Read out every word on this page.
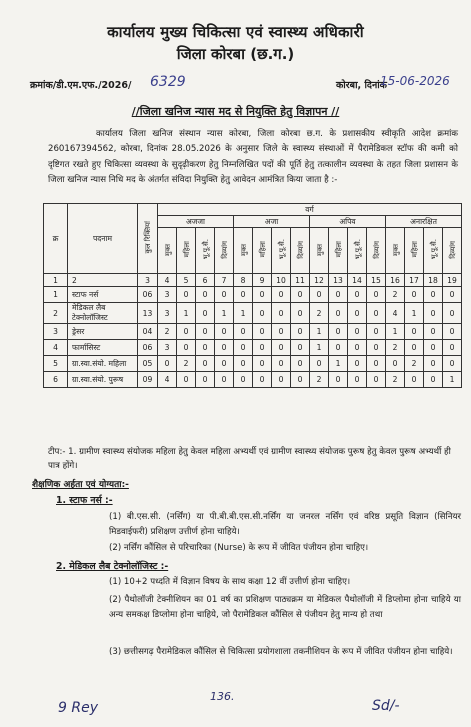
कार्यालय मुख्य चिकित्सा एवं स्वास्थ्य अधिकारी
जिला कोरबा (छ.ग.)
क्रमांक/डी.एम.एफ./2026/ 6329	कोरबा, दिनांक
15-06-2026
//जिला खनिज न्यास मद से नियुक्ति हेतु विज्ञापन //
कार्यालय जिला खनिज संस्थान न्यास कोरबा, जिला कोरबा छ.ग. के प्रशासकीय स्वीकृति आदेश क्रमांक 260167394562, कोरबा, दिनांक 28.05.2026 के अनुसार जिले के स्वास्थ्य संस्थाओं में पैरामेडिकल स्टॉफ की कमी को दृष्टिगत रखते हुए चिकित्सा व्यवस्था के सुदृढ़ीकरण हेतु निम्नलिखित पदों की पूर्ति हेतु तत्कालीन व्यवस्था के तहत जिला प्रशासन के जिला खनिज न्यास निधि मद के अंतर्गत संविदा नियुक्ति हेतु आवेदन आमंत्रित किया जाता है :-
क्र	पदनाम	कुल रिक्तियां	वर्ग															
			अजजा				अजा				अपिव				अनारक्षित			
			मुक्त	महिला	भू.पू.सै.	दिव्यांग	मुक्त	महिला	भू.पू.सै.	दिव्यांग	मुक्त	महिला	भू.पू.सै.	दिव्यांग	मुक्त	महिला	भू.पू.सै.	दिव्यांग
1	2	3	4	5	6	7	8	9	10	11	12	13	14	15	16	17	18	19
1	स्टाफ नर्स	06	3	0	0	0	0	0	0	0	0	0	0	0	2	0	0	0
2	मेडिकल लैब टेक्नोलॉजिस्ट	13	3	1	0	1	1	0	0	0	2	0	0	0	4	1	0	0
3	ड्रेसर	04	2	0	0	0	0	0	0	0	1	0	0	0	1	0	0	0
4	फार्मासिस्ट	06	3	0	0	0	0	0	0	0	1	0	0	0	2	0	0	0
5	ग्रा.स्वा.संयो. महिला	05	0	2	0	0	0	0	0	0	0	1	0	0	0	2	0	0
6	ग्रा.स्वा.संयो. पुरूष	09	4	0	0	0	0	0	0	0	2	0	0	0	2	0	0	1
टीप:- 1. ग्रामीण स्वास्थ्य संयोजक महिला हेतु केवल महिला अभ्यर्थी एवं ग्रामीण स्वास्थ्य संयोजक पुरूष हेतु केवल पुरूष अभ्यर्थी ही पात्र होंगे।
शैक्षणिक अर्हता एवं योग्यता:-
1. स्टाफ नर्स :-
(1) बी.एस.सी. (नर्सिंग) या पी.बी.बी.एस.सी.नर्सिंग या जनरल नर्सिंग एवं वरिष्ठ प्रसूति विज्ञान (सिनियर मिडवाईफरी) प्रशिक्षण उत्तीर्ण होना चाहिये।
(2) नर्सिंग कौंसिल से परिचारिका (Nurse) के रूप में जीवित पंजीयन होना चाहिए।
2. मेडिकल लैब टेक्नोलॉजिस्ट :-
(1) 10+2 पध्दति में विज्ञान विषय के साथ कक्षा 12 वीं उत्तीर्ण होना चाहिए।
(2) पैथोलॉजी टेक्नीशियन का 01 वर्ष का प्रशिक्षण पाठ्यक्रम या मेडिकल पैथोलॉजी में डिप्लोमा होना चाहिये या अन्य समकक्ष डिप्लोमा होना चाहिये, जो पैरामेडिकल कौंसिल से पंजीयन हेतु मान्य हो तथा
(3) छत्तीसगढ़ पैरामेडिकल कौंसिल से चिकित्सा प्रयोगशाला तकनीशियन के रूप में जीवित पंजीयन होना चाहिये।
9 Rey
136.
Sd/-
